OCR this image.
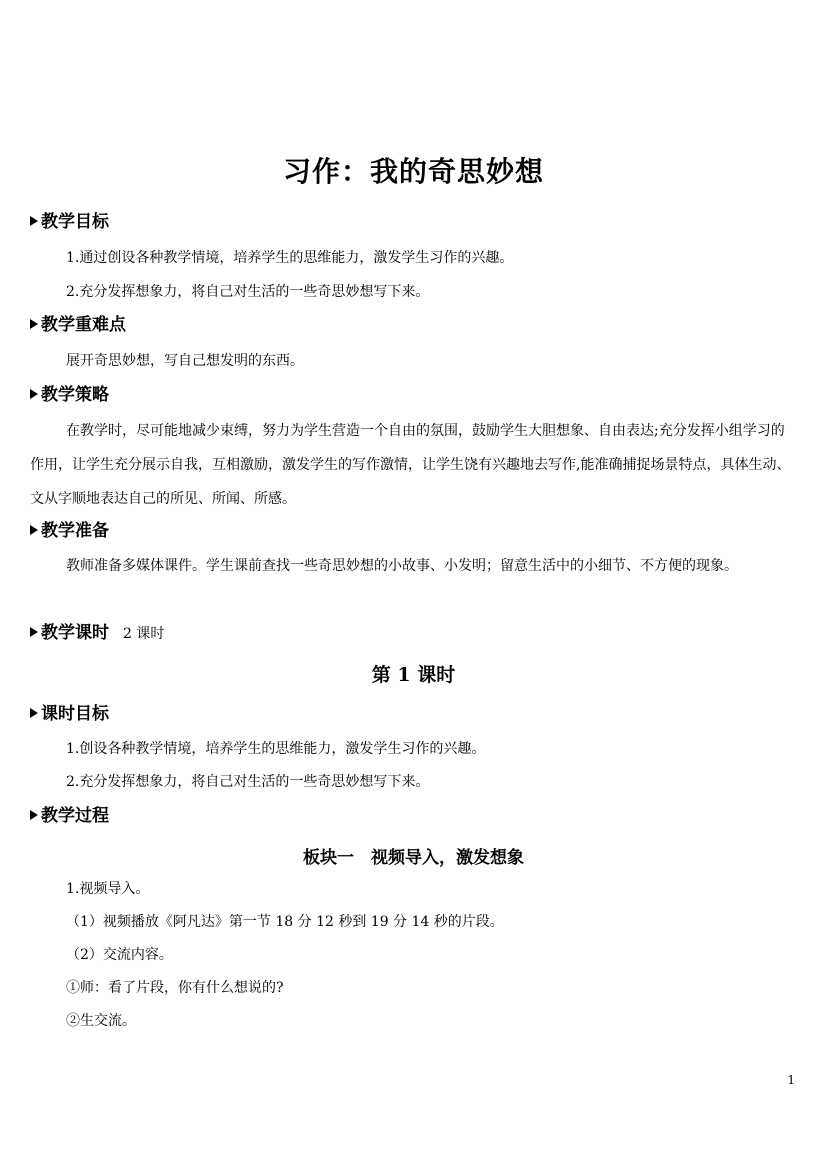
习作：我的奇思妙想
教学目标
1.通过创设各种教学情境，培养学生的思维能力，激发学生习作的兴趣。
2.充分发挥想象力，将自己对生活的一些奇思妙想写下来。
教学重难点
展开奇思妙想，写自己想发明的东西。
教学策略
在教学时，尽可能地减少束缚，努力为学生营造一个自由的氛围，鼓励学生大胆想象、自由表达;充分发挥小组学习的作用，让学生充分展示自我，互相激励，激发学生的写作激情，让学生饶有兴趣地去写作,能准确捕捉场景特点，具体生动、文从字顺地表达自己的所见、所闻、所感。
教学准备
教师准备多媒体课件。学生课前查找一些奇思妙想的小故事、小发明；留意生活中的小细节、不方便的现象。
教学课时 2 课时
第 1 课时
课时目标
1.创设各种教学情境，培养学生的思维能力，激发学生习作的兴趣。
2.充分发挥想象力，将自己对生活的一些奇思妙想写下来。
教学过程
板块一　视频导入，激发想象
1.视频导入。
（1）视频播放《阿凡达》第一节 18 分 12 秒到 19 分 14 秒的片段。
（2）交流内容。
①师：看了片段，你有什么想说的?
②生交流。
1
